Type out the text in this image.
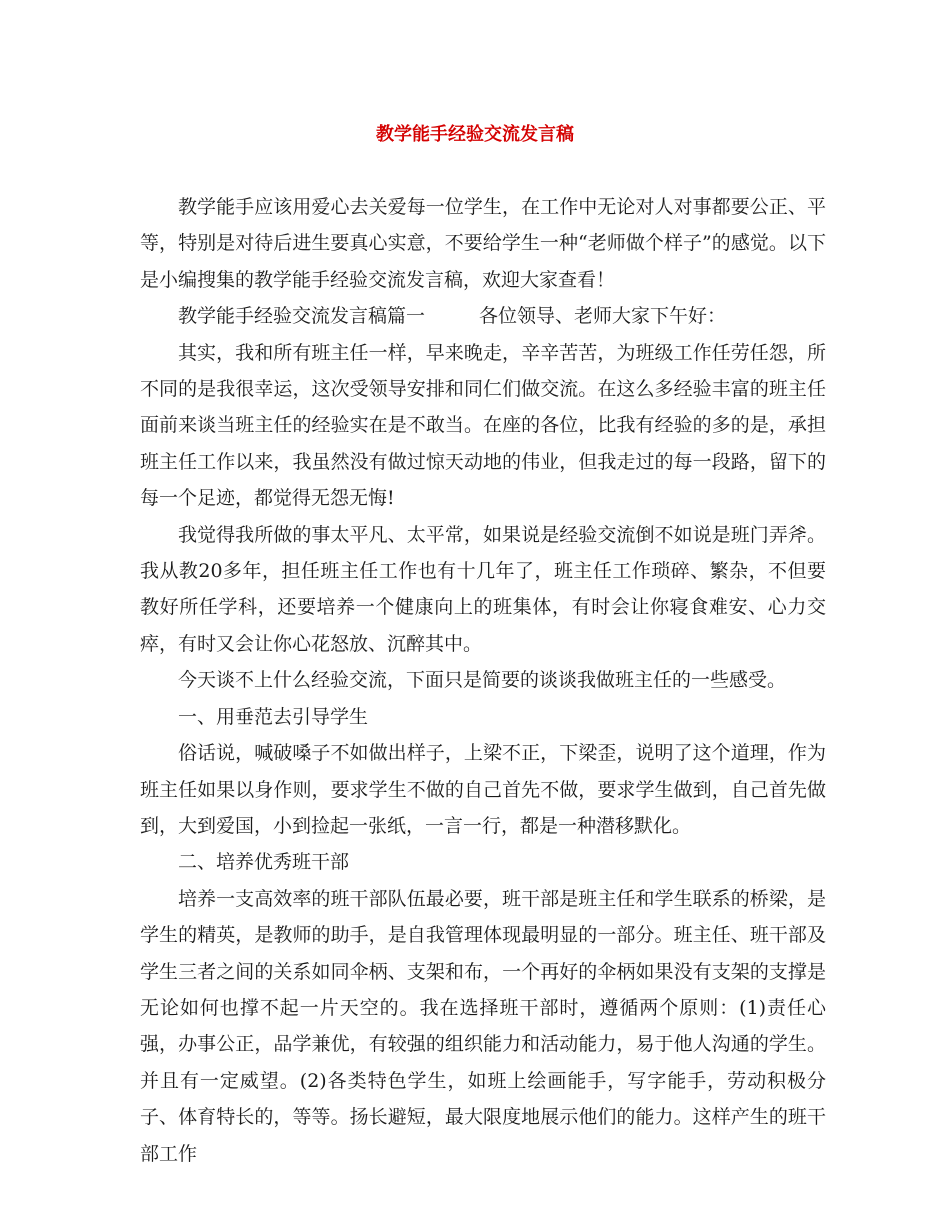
教学能手经验交流发言稿

教学能手应该用爱心去关爱每一位学生，在工作中无论对人对事都要公正、平等，特别是对待后进生要真心实意，不要给学生一种“老师做个样子”的感觉。以下是小编搜集的教学能手经验交流发言稿，欢迎大家查看！

教学能手经验交流发言稿篇一	各位领导、老师大家下午好：

其实，我和所有班主任一样，早来晚走，辛辛苦苦，为班级工作任劳任怨，所不同的是我很幸运，这次受领导安排和同仁们做交流。在这么多经验丰富的班主任面前来谈当班主任的经验实在是不敢当。在座的各位，比我有经验的多的是，承担班主任工作以来，我虽然没有做过惊天动地的伟业，但我走过的每一段路，留下的每一个足迹，都觉得无怨无悔!

我觉得我所做的事太平凡、太平常，如果说是经验交流倒不如说是班门弄斧。我从教20多年，担任班主任工作也有十几年了，班主任工作琐碎、繁杂，不但要教好所任学科，还要培养一个健康向上的班集体，有时会让你寝食难安、心力交瘁，有时又会让你心花怒放、沉醉其中。

今天谈不上什么经验交流，下面只是简要的谈谈我做班主任的一些感受。

一、用垂范去引导学生

俗话说，喊破嗓子不如做出样子，上梁不正，下梁歪，说明了这个道理，作为班主任如果以身作则，要求学生不做的自己首先不做，要求学生做到，自己首先做到，大到爱国，小到捡起一张纸，一言一行，都是一种潜移默化。

二、培养优秀班干部

培养一支高效率的班干部队伍最必要，班干部是班主任和学生联系的桥梁，是学生的精英，是教师的助手，是自我管理体现最明显的一部分。班主任、班干部及学生三者之间的关系如同伞柄、支架和布，一个再好的伞柄如果没有支架的支撑是无论如何也撑不起一片天空的。我在选择班干部时，遵循两个原则：(1)责任心强，办事公正，品学兼优，有较强的组织能力和活动能力，易于他人沟通的学生。并且有一定威望。(2)各类特色学生，如班上绘画能手，写字能手，劳动积极分子、体育特长的，等等。扬长避短，最大限度地展示他们的能力。这样产生的班干部工作
